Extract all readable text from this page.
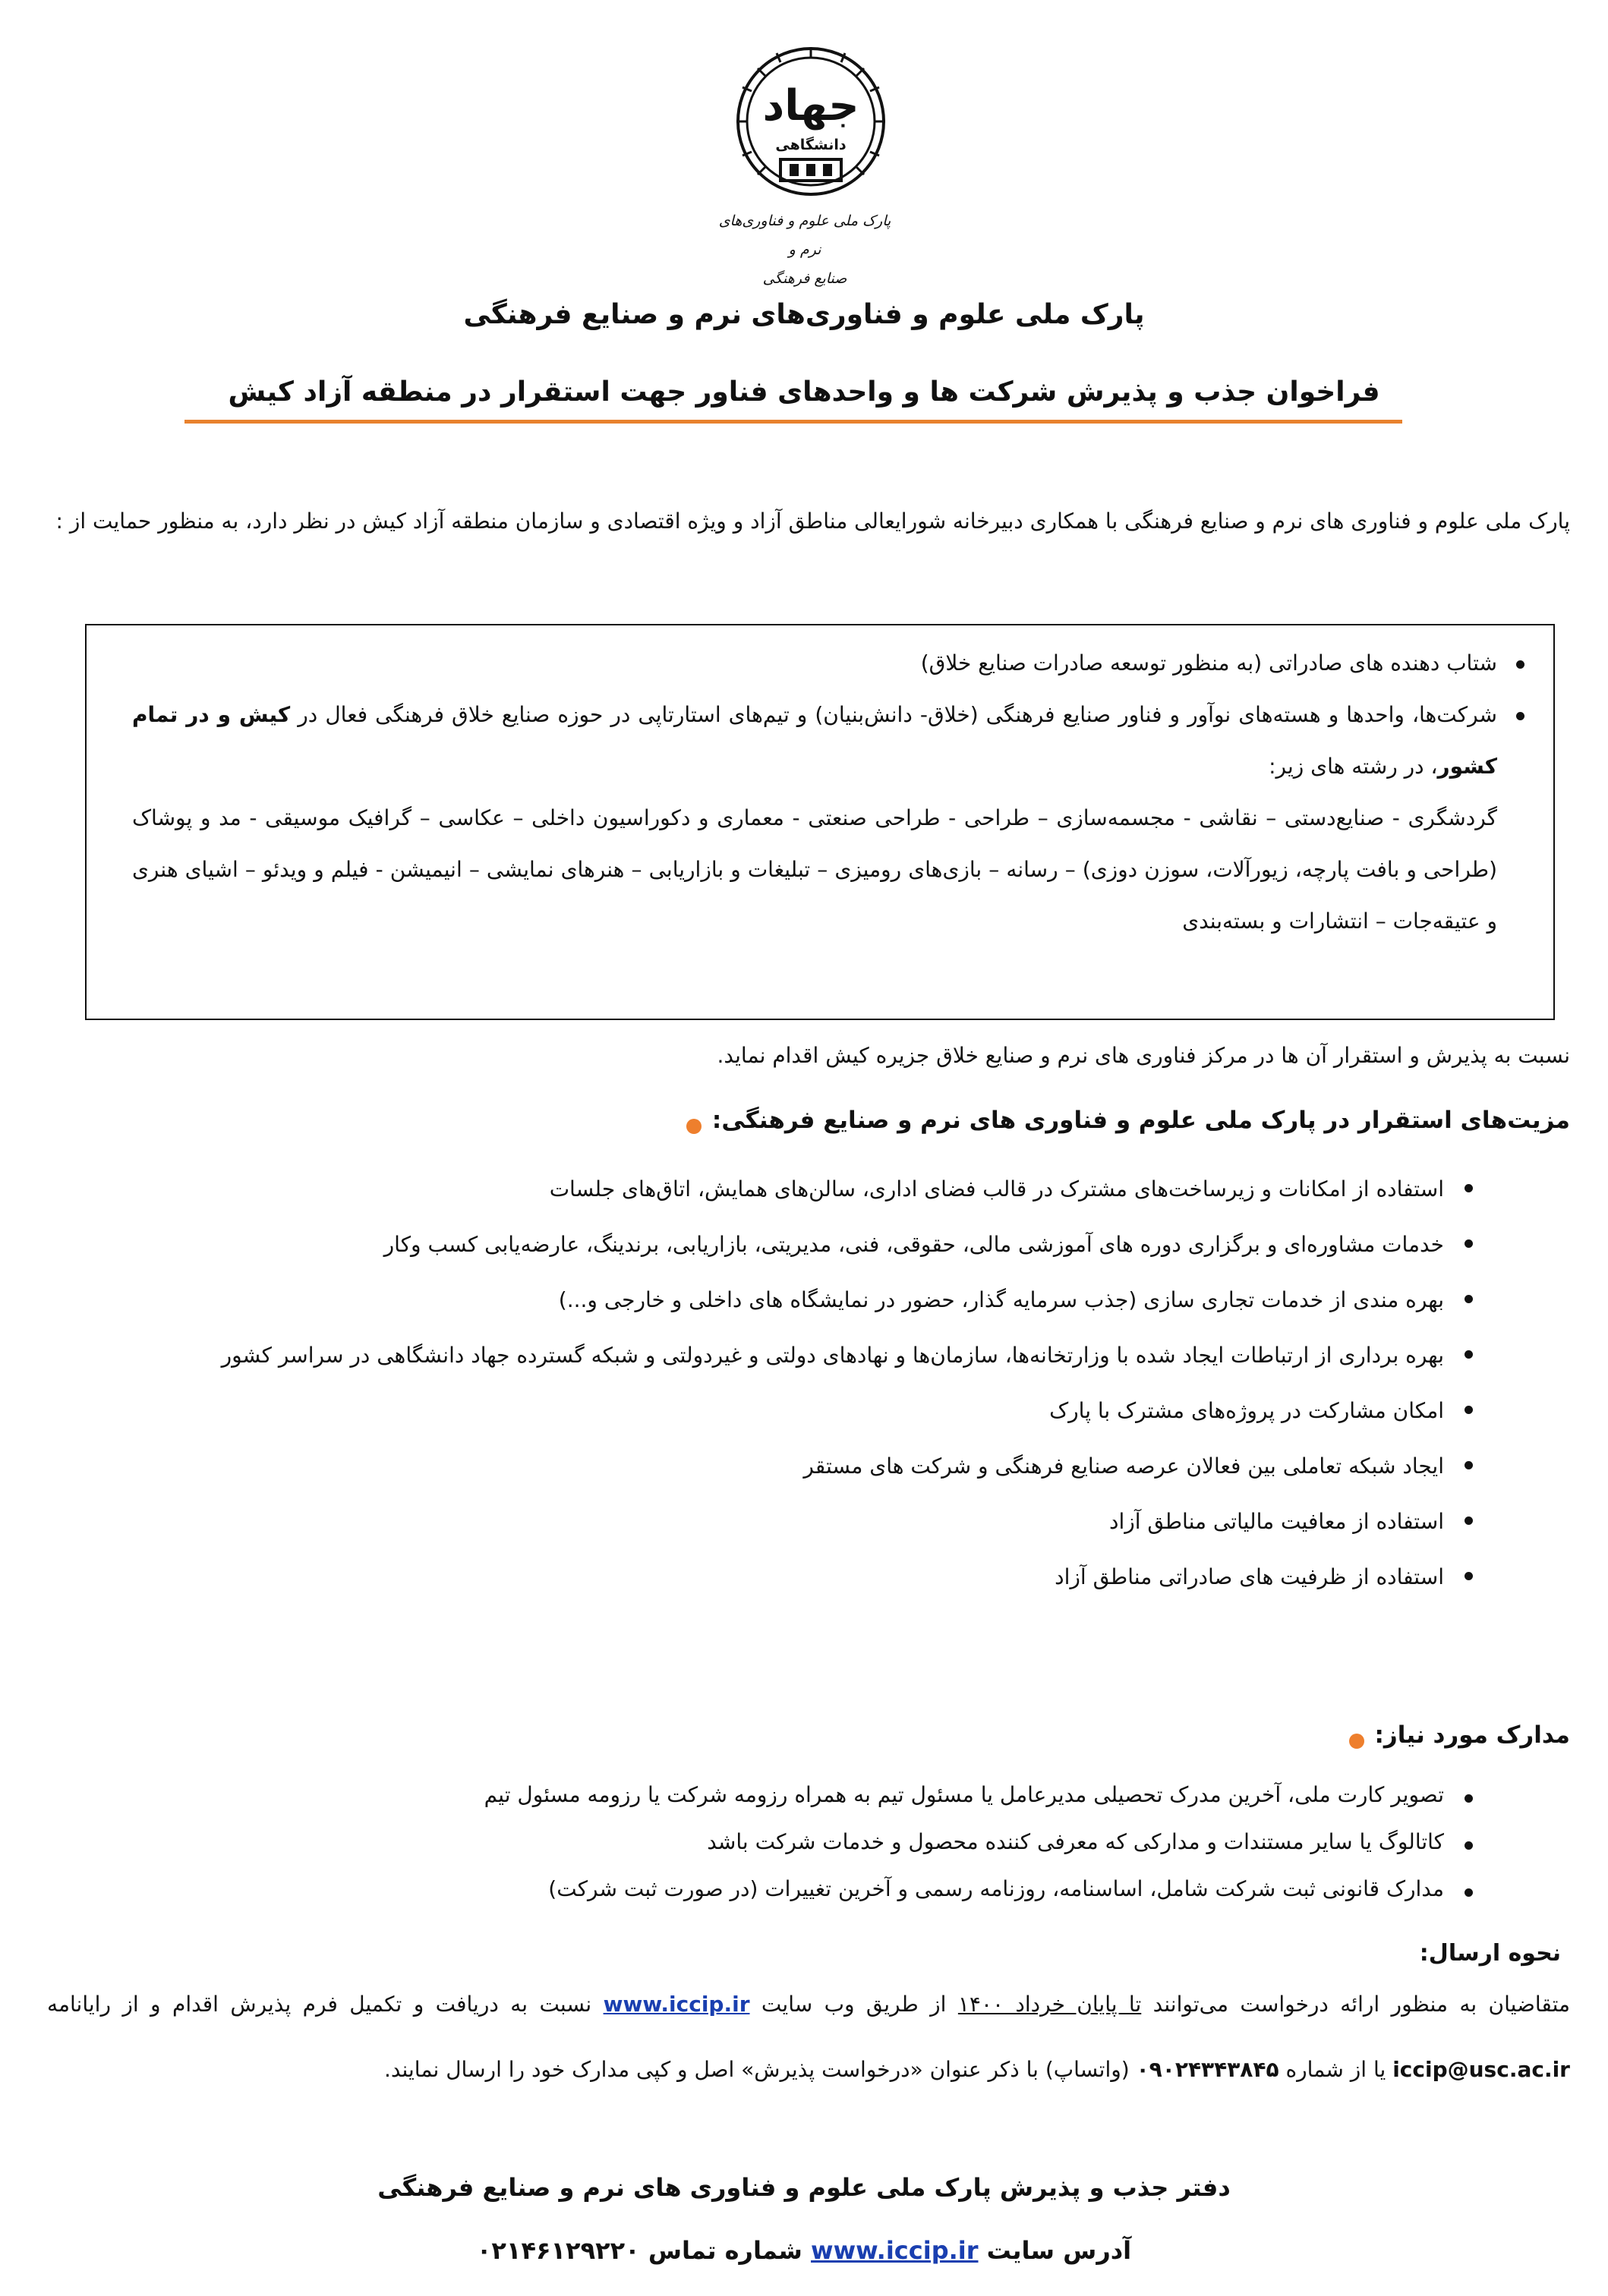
جهاد
دانشگاهی
پارک ملی علوم و فناوری‌های نرم و
صنایع فرهنگی
پارک ملی علوم و فناوری‌های نرم و صنایع فرهنگی
فراخوان جذب و پذیرش شرکت ها و واحدهای فناور جهت استقرار در منطقه آزاد کیش
پارک ملی علوم و فناوری های نرم و صنایع فرهنگی با همکاری دبیرخانه شورایعالی مناطق آزاد و ویژه اقتصادی و سازمان منطقه آزاد کیش در نظر دارد، به منظور حمایت از :
شتاب دهنده های صادراتی (به منظور توسعه صادرات صنایع خلاق)
شرکت‌ها، واحدها و هسته‌های نوآور و فناور صنایع فرهنگی (خلاق- دانش‌بنیان) و تیم‌های استارتاپی در حوزه صنایع خلاق فرهنگی فعال در کیش و در تمام کشور، در رشته های زیر:
گردشگری - صنایع‌دستی – نقاشی - مجسمه‌سازی – طراحی - طراحی صنعتی - معماری و دکوراسیون داخلی – عکاسی – گرافیک موسیقی - مد و پوشاک (طراحی و بافت پارچه، زیورآلات، سوزن دوزی) – رسانه – بازی‌های رومیزی – تبلیغات و بازاریابی – هنرهای نمایشی – انیمیشن - فیلم و ویدئو – اشیای هنری و عتیقه‌جات – انتشارات و بسته‌بندی
نسبت به پذیرش و استقرار آن ها در مرکز فناوری های نرم و صنایع خلاق جزیره کیش اقدام نماید.
مزیت‌های استقرار در پارک ملی علوم و فناوری های نرم و صنایع فرهنگی:
استفاده از امکانات و زیرساخت‌های مشترک در قالب فضای اداری، سالن‌های همایش، اتاق‌های جلسات
خدمات مشاوره‌ای و برگزاری دوره های آموزشی مالی، حقوقی، فنی، مدیریتی، بازاریابی، برندینگ، عارضه‌یابی کسب وکار
بهره مندی از خدمات تجاری سازی (جذب سرمایه گذار، حضور در نمایشگاه های داخلی و خارجی و...)
بهره برداری از ارتباطات ایجاد شده با وزارتخانه‌ها، سازمان‌ها و نهادهای دولتی و غیردولتی و شبکه گسترده جهاد دانشگاهی در سراسر کشور
امکان مشارکت در پروژه‌های مشترک با پارک
ایجاد شبکه تعاملی بین فعالان عرصه صنایع فرهنگی و شرکت های مستقر
استفاده از معافیت مالیاتی مناطق آزاد
استفاده از ظرفیت های صادراتی مناطق آزاد
مدارک مورد نیاز:
تصویر کارت ملی، آخرین مدرک تحصیلی مدیرعامل یا مسئول تیم به همراه رزومه شرکت یا رزومه مسئول تیم
کاتالوگ یا سایر مستندات و مدارکی که معرفی کننده محصول و خدمات شرکت باشد
مدارک قانونی ثبت شرکت شامل، اساسنامه، روزنامه رسمی و آخرین تغییرات (در صورت ثبت شرکت)
نحوه ارسال:
متقاضیان به منظور ارائه درخواست می‌توانند تا پایان خرداد ۱۴۰۰ از طریق وب سایت www.iccip.ir نسبت به دریافت و تکمیل فرم پذیرش اقدام و از رایانامه iccip@usc.ac.ir یا از شماره ۰۹۰۲۴۳۴۳۸۴۵ (واتساپ) با ذکر عنوان «درخواست پذیرش» اصل و کپی مدارک خود را ارسال نمایند.
دفتر جذب و پذیرش پارک ملی علوم و فناوری های نرم و صنایع فرهنگی
آدرس سایت www.iccip.ir شماره تماس ۰۲۱۴۶۱۲۹۲۲۰
